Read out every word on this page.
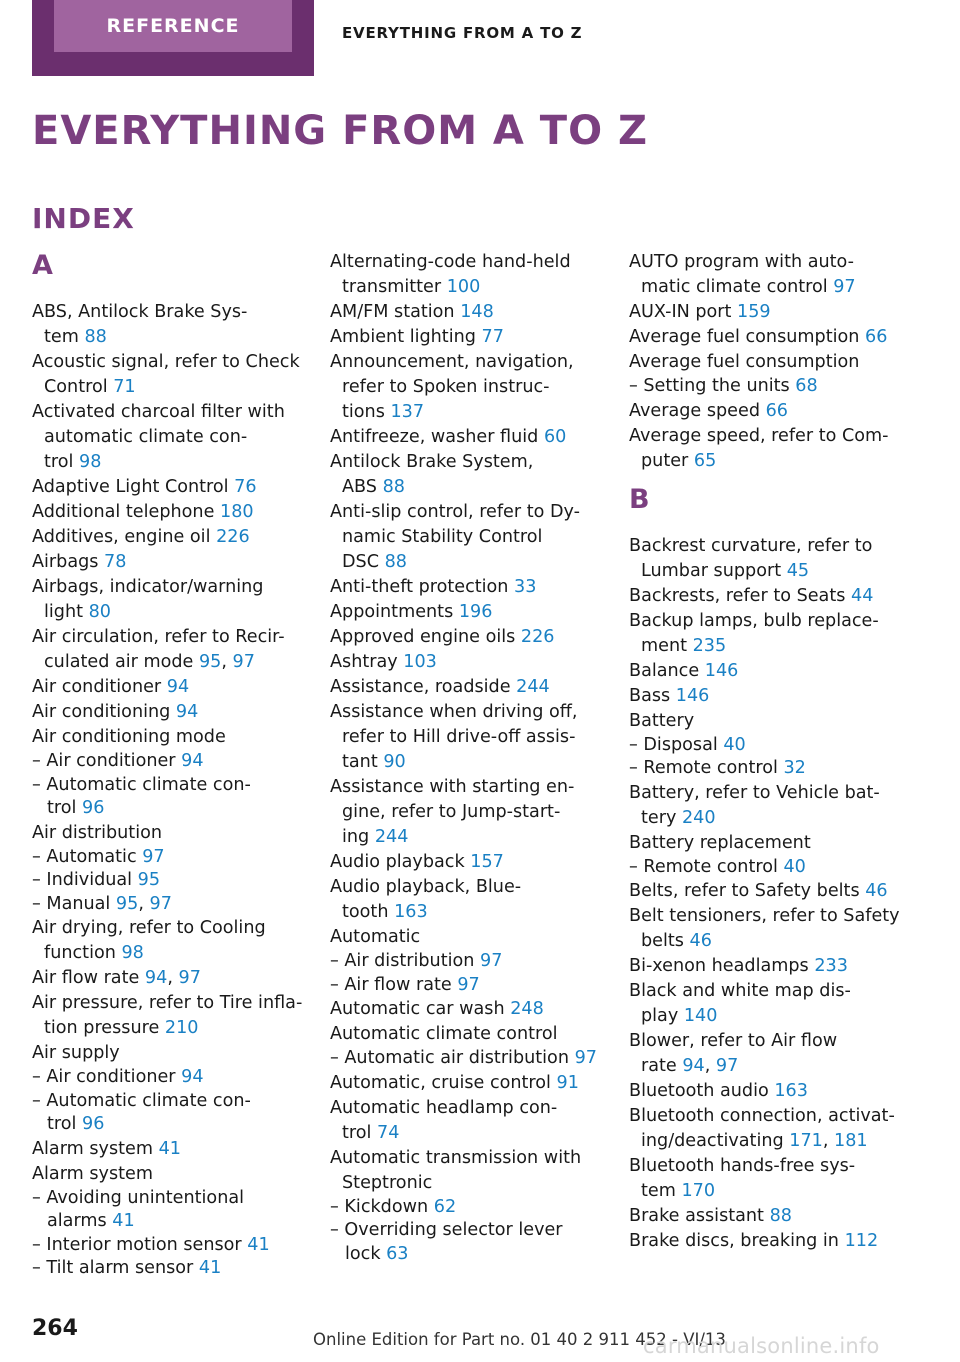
REFERENCE	EVERYTHING FROM A TO Z
EVERYTHING FROM A TO Z
INDEX
A
ABS, Antilock Brake Sys-
tem 88
Acoustic signal, refer to Check
Control 71
Activated charcoal filter with
automatic climate con-
trol 98
Adaptive Light Control 76
Additional telephone 180
Additives, engine oil 226
Airbags 78
Airbags, indicator/warning
light 80
Air circulation, refer to Recir-
culated air mode 95, 97
Air conditioner 94
Air conditioning 94
Air conditioning mode
– Air conditioner 94
– Automatic climate con-
trol 96
Air distribution
– Automatic 97
– Individual 95
– Manual 95, 97
Air drying, refer to Cooling
function 98
Air flow rate 94, 97
Air pressure, refer to Tire infla-
tion pressure 210
Air supply
– Air conditioner 94
– Automatic climate con-
trol 96
Alarm system 41
Alarm system
– Avoiding unintentional
alarms 41
– Interior motion sensor 41
– Tilt alarm sensor 41
Alternating-code hand-held
transmitter 100
AM/FM station 148
Ambient lighting 77
Announcement, navigation,
refer to Spoken instruc-
tions 137
Antifreeze, washer fluid 60
Antilock Brake System,
ABS 88
Anti-slip control, refer to Dy-
namic Stability Control
DSC 88
Anti-theft protection 33
Appointments 196
Approved engine oils 226
Ashtray 103
Assistance, roadside 244
Assistance when driving off,
refer to Hill drive-off assis-
tant 90
Assistance with starting en-
gine, refer to Jump-start-
ing 244
Audio playback 157
Audio playback, Blue-
tooth 163
Automatic
– Air distribution 97
– Air flow rate 97
Automatic car wash 248
Automatic climate control
– Automatic air distribution 97
Automatic, cruise control 91
Automatic headlamp con-
trol 74
Automatic transmission with
Steptronic
– Kickdown 62
– Overriding selector lever
lock 63
AUTO program with auto-
matic climate control 97
AUX-IN port 159
Average fuel consumption 66
Average fuel consumption
– Setting the units 68
Average speed 66
Average speed, refer to Com-
puter 65
B
Backrest curvature, refer to
Lumbar support 45
Backrests, refer to Seats 44
Backup lamps, bulb replace-
ment 235
Balance 146
Bass 146
Battery
– Disposal 40
– Remote control 32
Battery, refer to Vehicle bat-
tery 240
Battery replacement
– Remote control 40
Belts, refer to Safety belts 46
Belt tensioners, refer to Safety
belts 46
Bi-xenon headlamps 233
Black and white map dis-
play 140
Blower, refer to Air flow
rate 94, 97
Bluetooth audio 163
Bluetooth connection, activat-
ing/deactivating 171, 181
Bluetooth hands-free sys-
tem 170
Brake assistant 88
Brake discs, breaking in 112
264	Online Edition for Part no. 01 40 2 911 452 - VI/13
carmanualsonline.info
